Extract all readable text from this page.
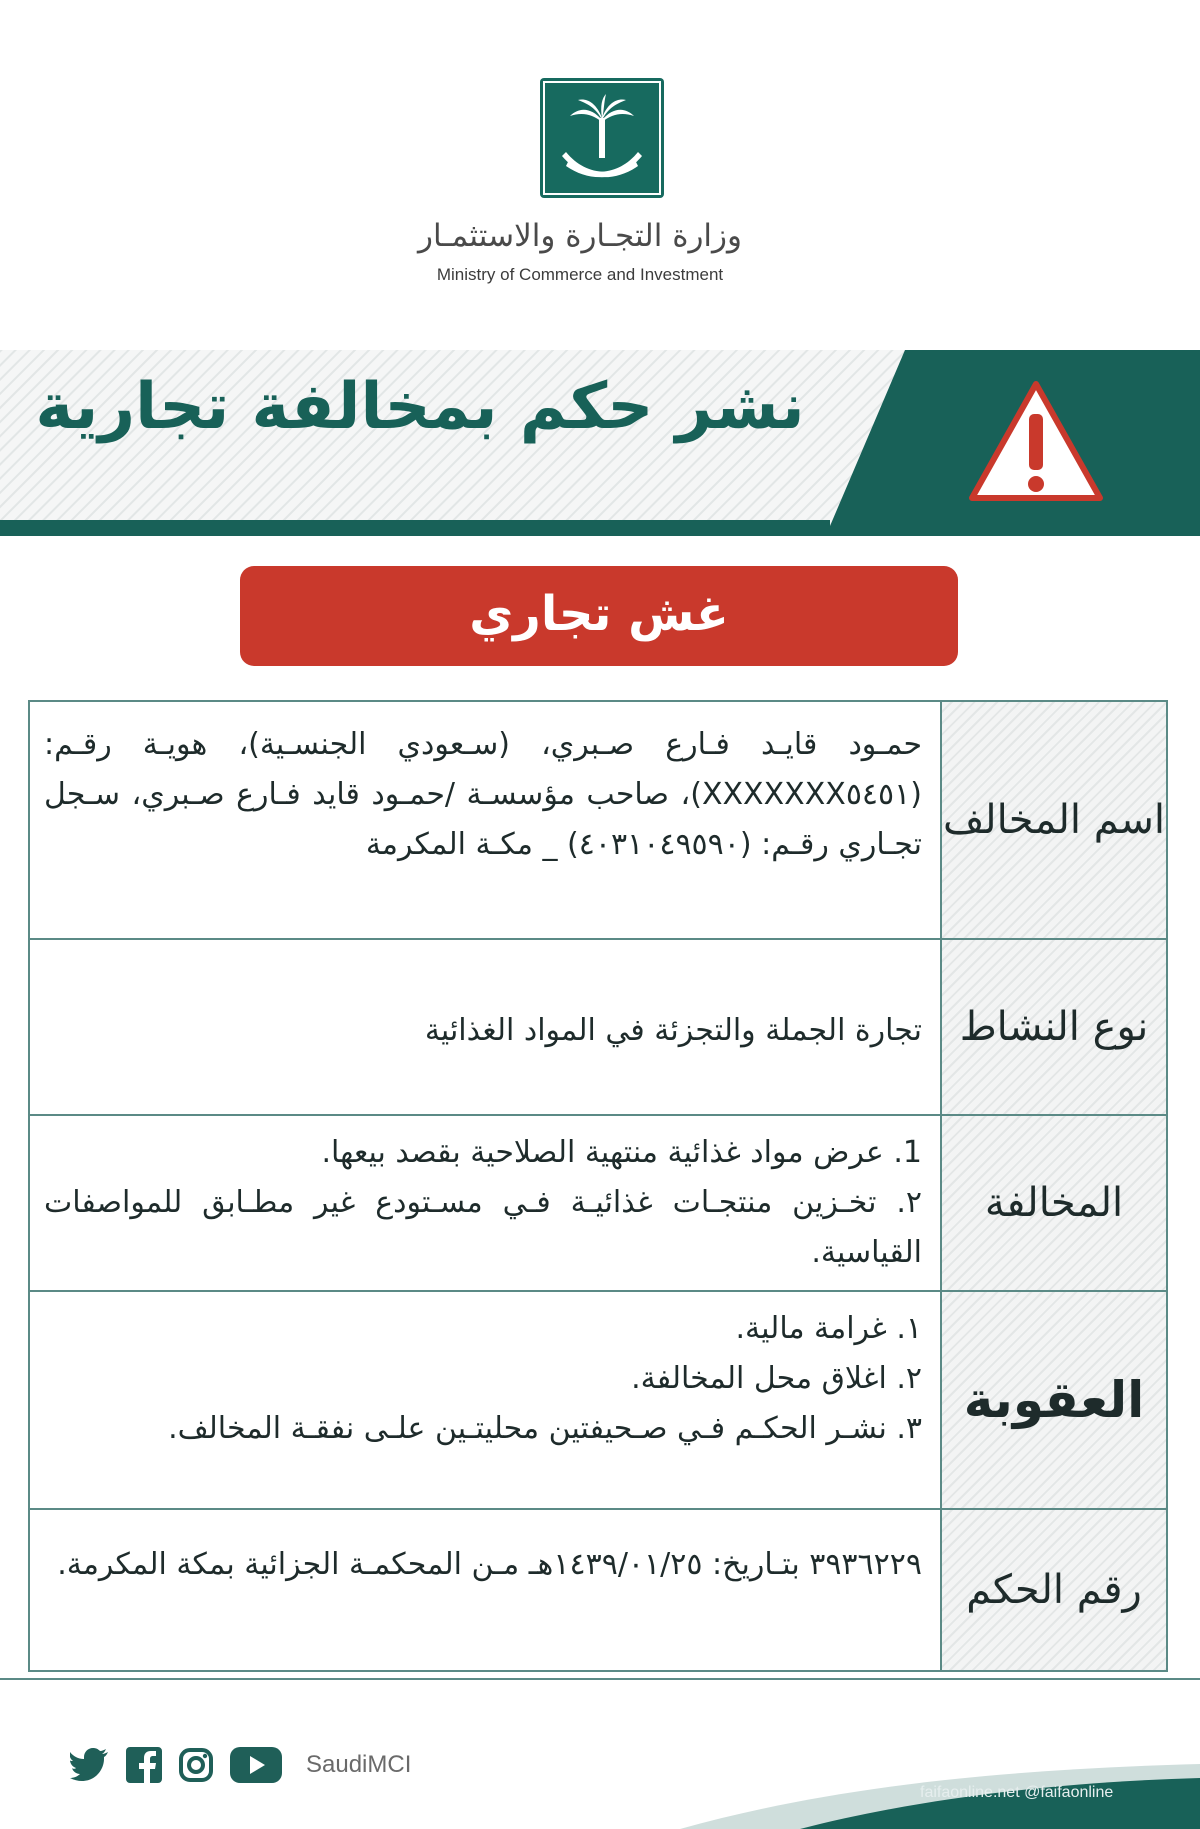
وزارة التجـارة والاستثمـار
Ministry of Commerce and Investment
نشر حكم بمخالفة تجارية
غش تجاري

حمـود قايـد فـارع صـبري، (سـعودي الجنسـية)، هويـة رقـم: (XXXXXXX٥٤٥١)، صاحب مؤسسـة /حمـود قايد فـارع صـبري، سـجل تجـاري رقـم: (٤٠٣١٠٤٩٥٩٠) _ مكـة المكرمة

اسم المخالف

تجارة الجملة والتجزئة في المواد الغذائية نوع النشاط

1. عرض مواد غذائية منتهية الصلاحية بقصد بيعها.

٢. تخـزين منتجـات غذائيـة فـي مسـتودع غير مطـابق للمواصفات القياسية.

المخالفة

١. غرامة مالية.

٢. اغلاق محل المخالفة.

٣. نشـر الحكـم فـي صـحيفتين محليتـين علـى نفقـة المخالف. العقوبة

٣٩٣٦٢٢٩ بتـاريخ: ١٤٣٩/٠١/٢٥هـ مـن المحكمـة الجزائية بمكة المكرمة.

رقم الحكم
SaudiMCI
faifaonline.net @faifaonline
